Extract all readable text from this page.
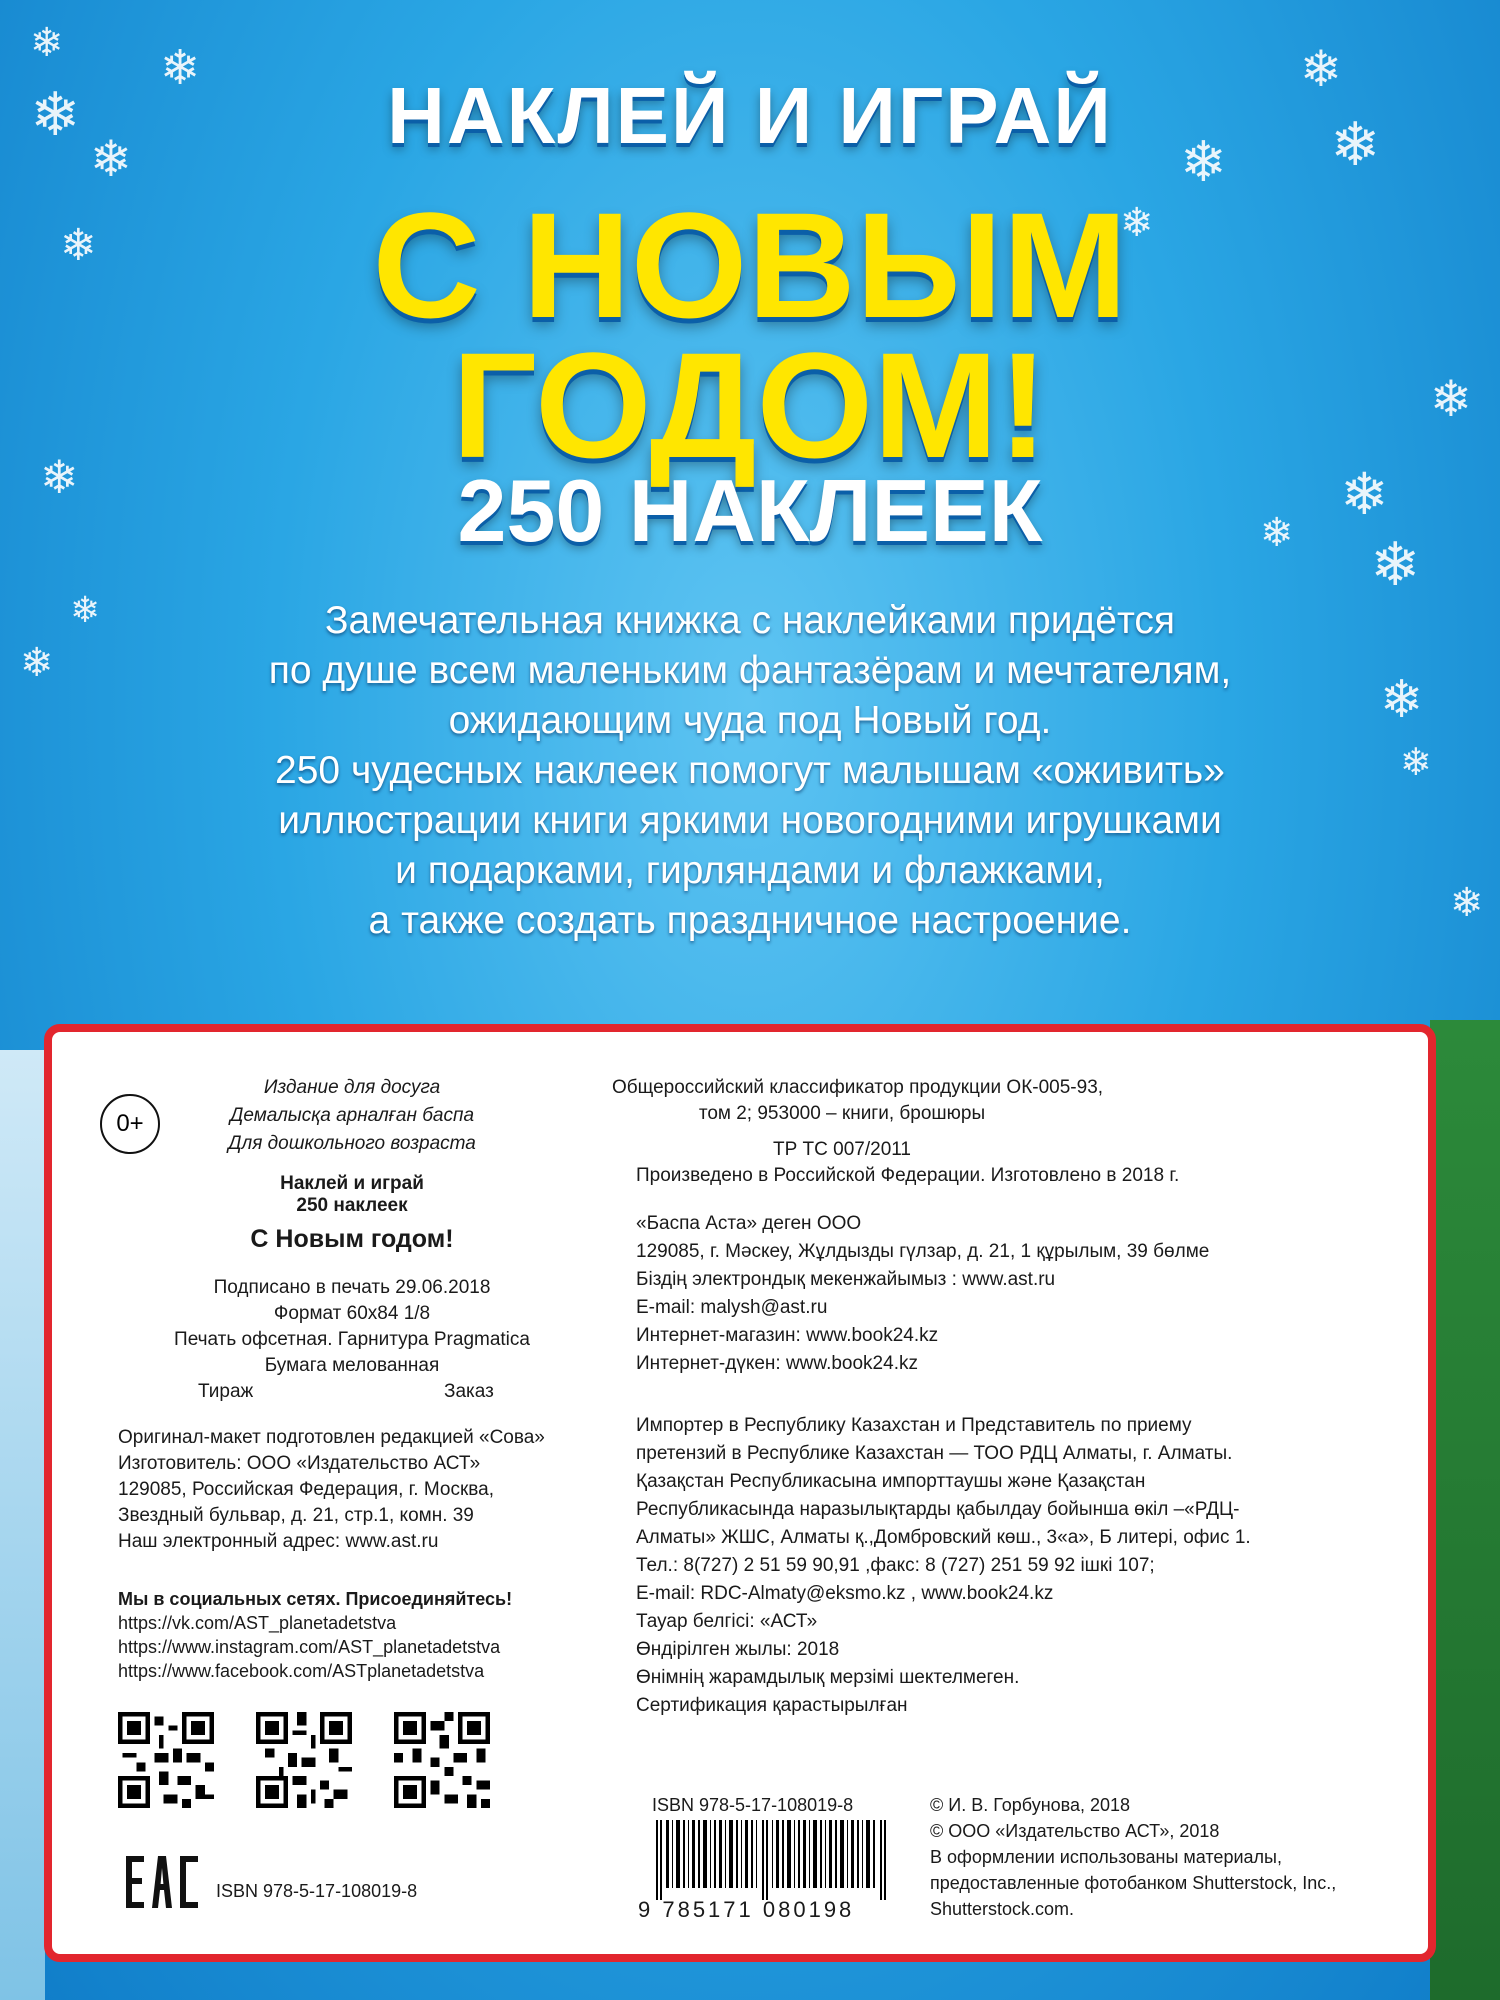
❄
❄
❄
❄
❄
❄
❄
❄
❄
❄
❄
❄
❄
❄
❄
❄
❄
❄
❄
НАКЛЕЙ И ИГРАЙ
С НОВЫМ
ГОДОМ!
250 НАКЛЕЕК
Замечательная книжка с наклейками придётся
по душе всем маленьким фантазёрам и мечтателям,
ожидающим чуда под Новый год.
250 чудесных наклеек помогут малышам «оживить»
иллюстрации книги яркими новогодними игрушками
и подарками, гирляндами и флажками,
а также создать праздничное настроение.
0+
Издание для досуга
Демалысқа арналған баспа
Для дошкольного возраста
Наклей и играй
250 наклеек
С Новым годом!
Подписано в печать 29.06.2018
Формат 60х84 1/8
Печать офсетная. Гарнитура Pragmatica
Бумага мелованная
Тираж	Заказ
Оригинал-макет подготовлен редакцией «Сова»
Изготовитель: ООО «Издательство АСТ»
129085, Российская Федерация, г. Москва,
Звездный бульвар, д. 21, стр.1, комн. 39
Наш электронный адрес: www.ast.ru
Мы в социальных сетях. Присоединяйтесь!
https://vk.com/AST_planetadetstva
https://www.instagram.com/AST_planetadetstva
https://www.facebook.com/ASTplanetadetstva
ISBN 978-5-17-108019-8
Общероссийский классификатор продукции ОК-005-93,
том 2; 953000 – книги, брошюры
ТР ТС 007/2011
Произведено в Российской Федерации. Изготовлено в 2018 г.
«Баспа Аста» деген ООО
129085, г. Мәскеу, Жұлдызды гүлзар, д. 21, 1 құрылым, 39 бөлме
Біздің электрондық мекенжайымыз : www.ast.ru
E-mail: malysh@ast.ru
Интернет-магазин: www.book24.kz
Интернет-дүкен: www.book24.kz
Импортер в Республику Казахстан и Представитель по приему
претензий в Республике Казахстан — ТОО РДЦ Алматы, г. Алматы.
Қазақстан Республикасына импорттаушы және Қазақстан
Республикасында наразылықтарды қабылдау бойынша өкіл –«РДЦ-
Алматы» ЖШС, Алматы қ.,Домбровский көш., 3«а», Б литері, офис 1.
Тел.: 8(727) 2 51 59 90,91 ,факс: 8 (727) 251 59 92 ішкі 107;
E-mail: RDC-Almaty@eksmo.kz , www.book24.kz
Тауар белгісі: «АСТ»
Өндірілген жылы: 2018
Өнімнің жарамдылық мерзімі шектелмеген.
Сертификация қарастырылған
ISBN 978-5-17-108019-8
9 785171 080198
© И. В. Горбунова, 2018
© ООО «Издательство АСТ», 2018
В оформлении использованы материалы,
предоставленные фотобанком Shutterstock, Inc.,
Shutterstock.com.
